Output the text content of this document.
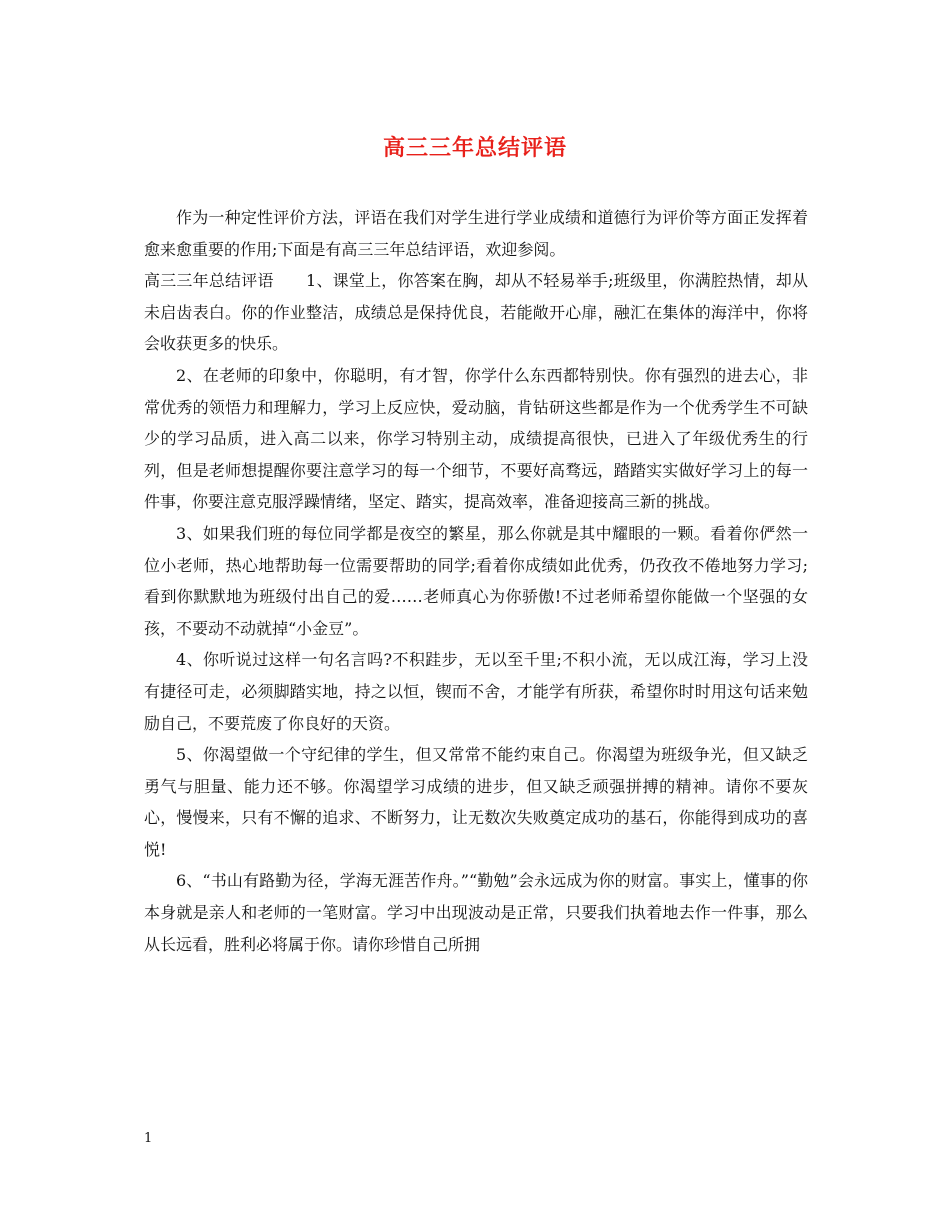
高三三年总结评语

作为一种定性评价方法，评语在我们对学生进行学业成绩和道德行为评价等方面正发挥着愈来愈重要的作用;下面是有高三三年总结评语，欢迎参阅。

高三三年总结评语　　1、课堂上，你答案在胸，却从不轻易举手;班级里，你满腔热情，却从未启齿表白。你的作业整洁，成绩总是保持优良，若能敞开心扉，融汇在集体的海洋中，你将会收获更多的快乐。

2、在老师的印象中，你聪明，有才智，你学什么东西都特别快。你有强烈的进去心，非常优秀的领悟力和理解力，学习上反应快，爱动脑，肯钻研这些都是作为一个优秀学生不可缺少的学习品质，进入高二以来，你学习特别主动，成绩提高很快，已进入了年级优秀生的行列，但是老师想提醒你要注意学习的每一个细节，不要好高骛远，踏踏实实做好学习上的每一件事，你要注意克服浮躁情绪，坚定、踏实，提高效率，准备迎接高三新的挑战。

3、如果我们班的每位同学都是夜空的繁星，那么你就是其中耀眼的一颗。看着你俨然一位小老师，热心地帮助每一位需要帮助的同学;看着你成绩如此优秀，仍孜孜不倦地努力学习;看到你默默地为班级付出自己的爱……老师真心为你骄傲!不过老师希望你能做一个坚强的女孩，不要动不动就掉“小金豆”。

4、你听说过这样一句名言吗?不积跬步，无以至千里;不积小流，无以成江海，学习上没有捷径可走，必须脚踏实地，持之以恒，锲而不舍，才能学有所获，希望你时时用这句话来勉励自己，不要荒废了你良好的天资。

5、你渴望做一个守纪律的学生，但又常常不能约束自己。你渴望为班级争光，但又缺乏勇气与胆量、能力还不够。你渴望学习成绩的进步，但又缺乏顽强拼搏的精神。请你不要灰心，慢慢来，只有不懈的追求、不断努力，让无数次失败奠定成功的基石，你能得到成功的喜悦!

6、“书山有路勤为径，学海无涯苦作舟。”“勤勉”会永远成为你的财富。事实上，懂事的你本身就是亲人和老师的一笔财富。学习中出现波动是正常，只要我们执着地去作一件事，那么从长远看，胜利必将属于你。请你珍惜自己所拥

1
